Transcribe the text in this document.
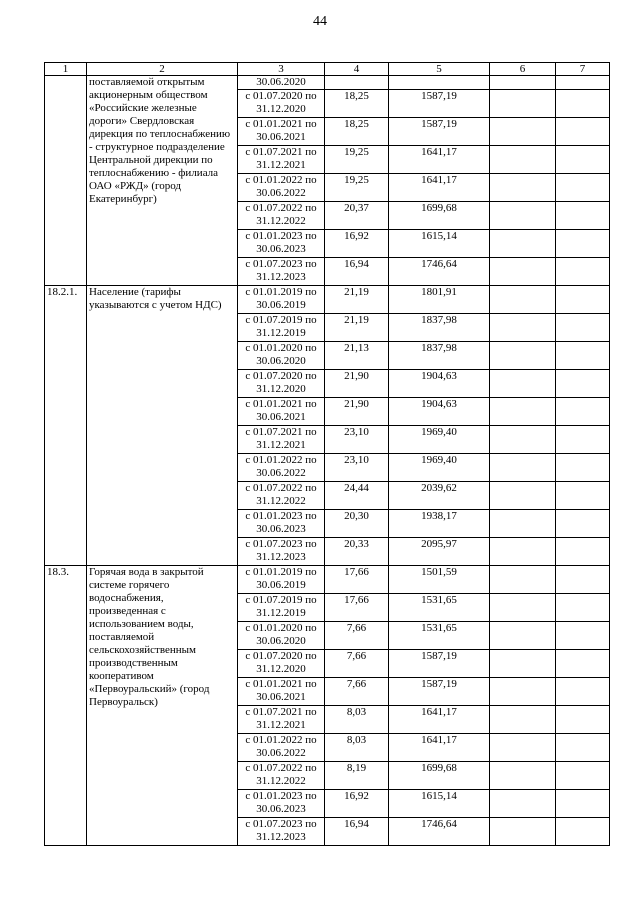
44
1	2	3	4	5	6	7
	поставляемой открытым акционерным обществом «Российские железные дороги» Свердловская дирекция по теплоснабжению - структурное подразделение Центральной дирекции по теплоснабжению - филиала ОАО «РЖД» (город Екатеринбург)	30.06.2020				
		с 01.07.2020 по 31.12.2020	18,25	1587,19		
		с 01.01.2021 по 30.06.2021	18,25	1587,19		
		с 01.07.2021 по 31.12.2021	19,25	1641,17		
		с 01.01.2022 по 30.06.2022	19,25	1641,17		
		с 01.07.2022 по 31.12.2022	20,37	1699,68		
		с 01.01.2023 по 30.06.2023	16,92	1615,14		
		с 01.07.2023 по 31.12.2023	16,94	1746,64		
18.2.1.	Население (тарифы указываются с учетом НДС)	с 01.01.2019 по 30.06.2019	21,19	1801,91		
		с 01.07.2019 по 31.12.2019	21,19	1837,98		
		с 01.01.2020 по 30.06.2020	21,13	1837,98		
		с 01.07.2020 по 31.12.2020	21,90	1904,63		
		с 01.01.2021 по 30.06.2021	21,90	1904,63		
		с 01.07.2021 по 31.12.2021	23,10	1969,40		
		с 01.01.2022 по 30.06.2022	23,10	1969,40		
		с 01.07.2022 по 31.12.2022	24,44	2039,62		
		с 01.01.2023 по 30.06.2023	20,30	1938,17		
		с 01.07.2023 по 31.12.2023	20,33	2095,97		
18.3.	Горячая вода в закрытой системе горячего водоснабжения, произведенная с использованием воды, поставляемой сельскохозяйственным производственным кооперативом «Первоуральский» (город Первоуральск)	с 01.01.2019 по 30.06.2019	17,66	1501,59		
		с 01.07.2019 по 31.12.2019	17,66	1531,65		
		с 01.01.2020 по 30.06.2020	7,66	1531,65		
		с 01.07.2020 по 31.12.2020	7,66	1587,19		
		с 01.01.2021 по 30.06.2021	7,66	1587,19		
		с 01.07.2021 по 31.12.2021	8,03	1641,17		
		с 01.01.2022 по 30.06.2022	8,03	1641,17		
		с 01.07.2022 по 31.12.2022	8,19	1699,68		
		с 01.01.2023 по 30.06.2023	16,92	1615,14		
		с 01.07.2023 по 31.12.2023	16,94	1746,64		
